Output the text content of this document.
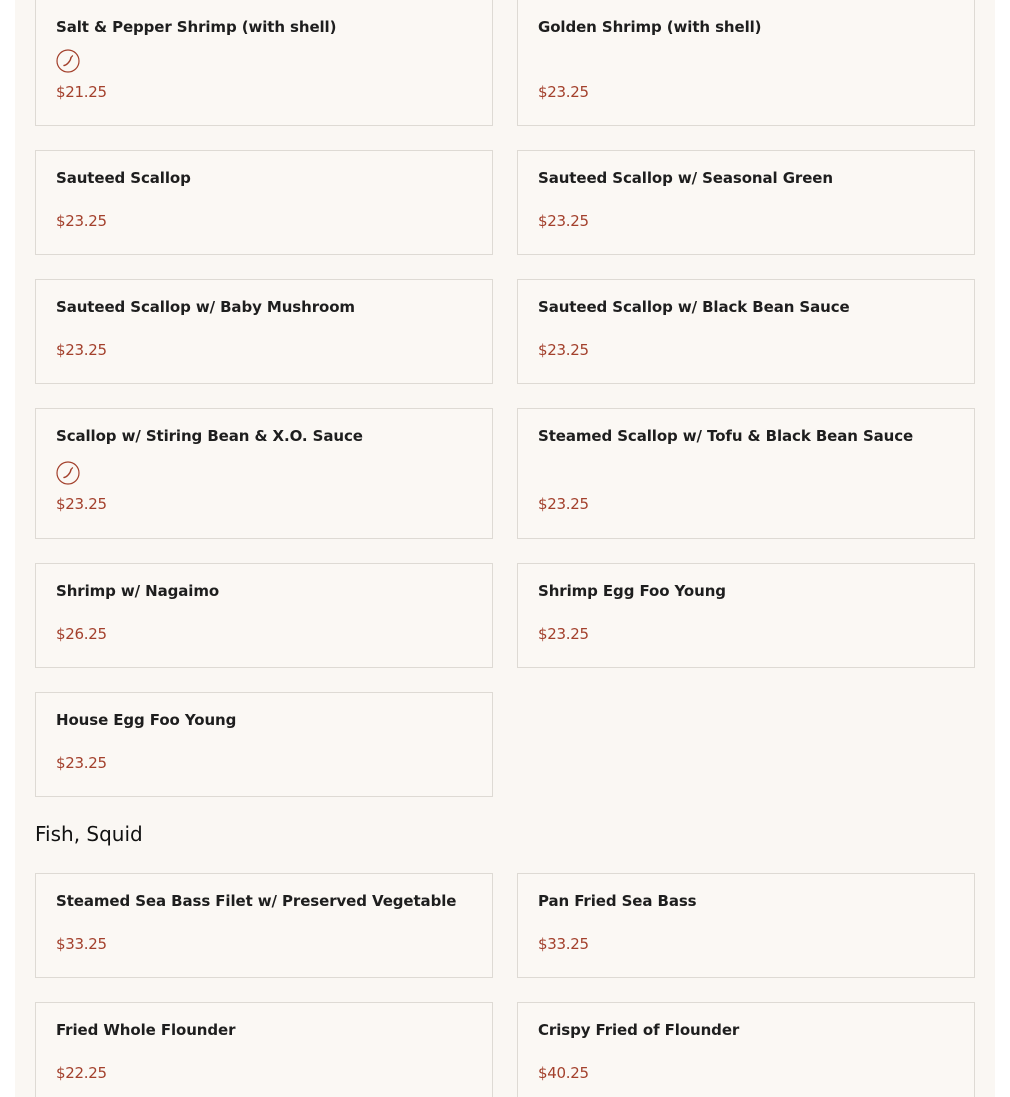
Salt & Pepper Shrimp (with shell)
$21.25
Golden Shrimp (with shell)
$23.25
Sauteed Scallop
$23.25
Sauteed Scallop w/ Seasonal Green
$23.25
Sauteed Scallop w/ Baby Mushroom
$23.25
Sauteed Scallop w/ Black Bean Sauce
$23.25
Scallop w/ Stiring Bean & X.O. Sauce
$23.25
Steamed Scallop w/ Tofu & Black Bean Sauce
$23.25
Shrimp w/ Nagaimo
$26.25
Shrimp Egg Foo Young
$23.25
House Egg Foo Young
$23.25
Fish, Squid
Steamed Sea Bass Filet w/ Preserved Vegetable
$33.25
Pan Fried Sea Bass
$33.25
Fried Whole Flounder
$22.25
Crispy Fried of Flounder
$40.25
